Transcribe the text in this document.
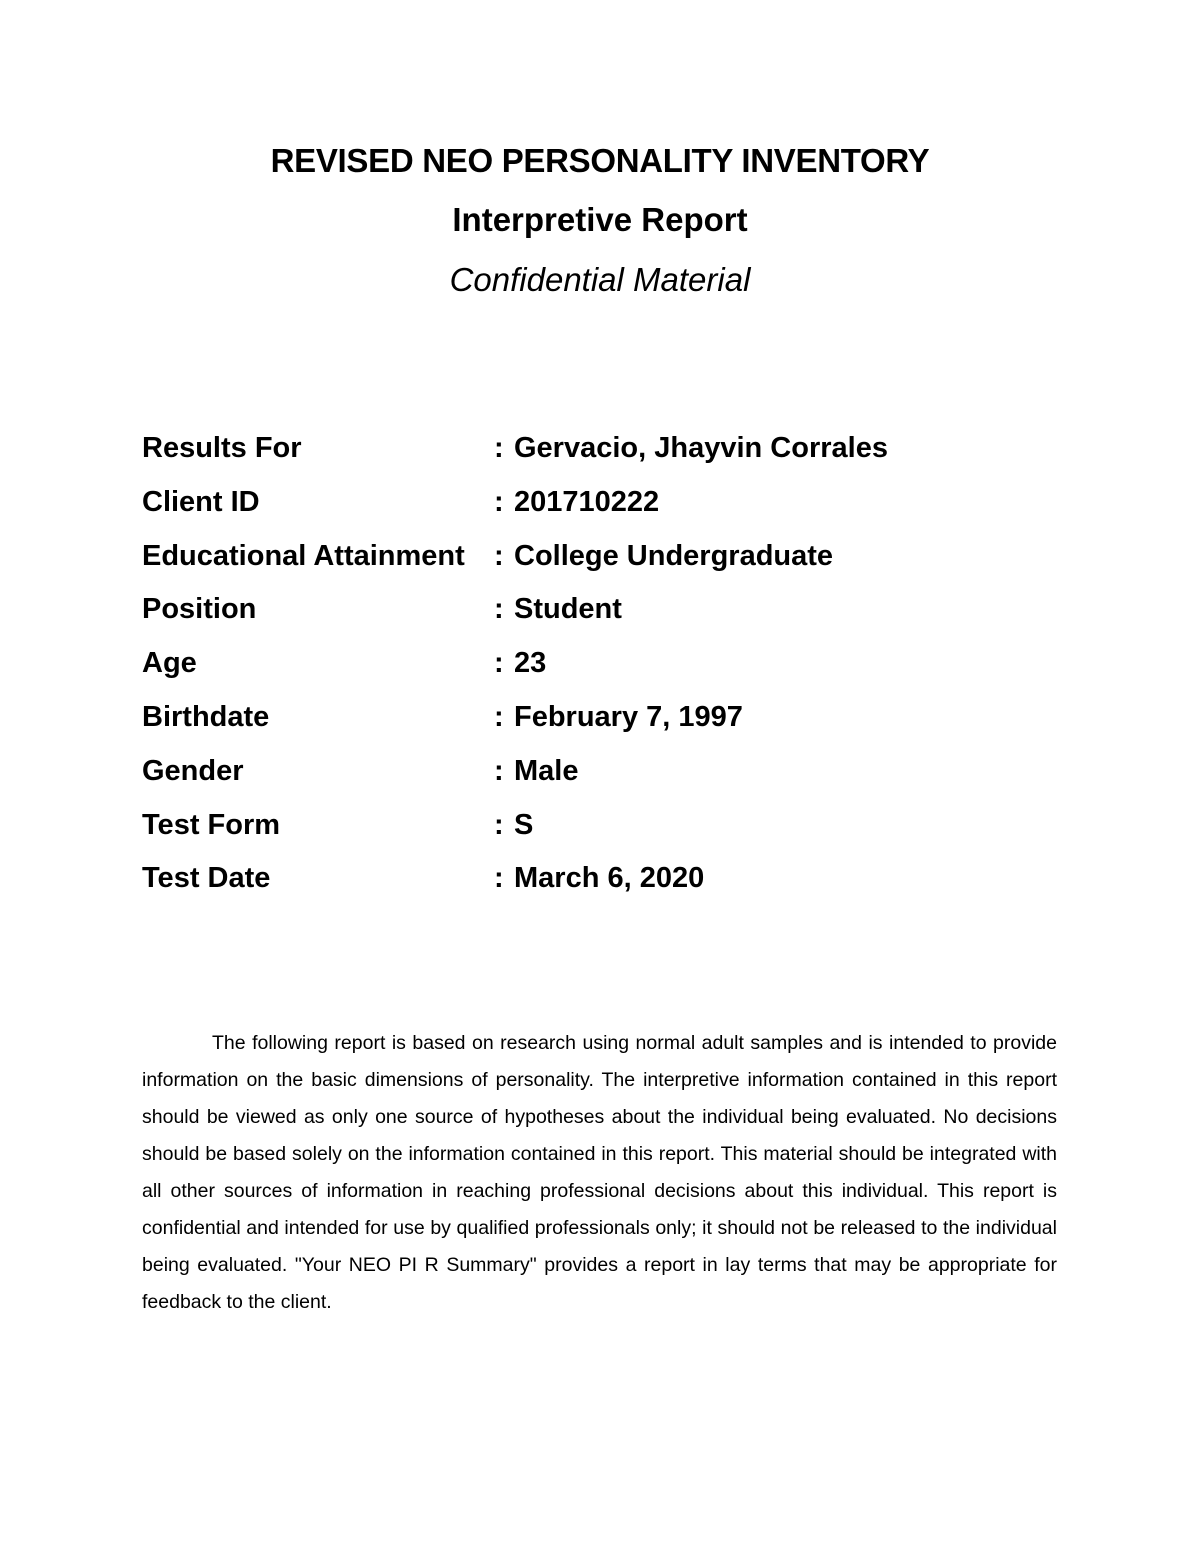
REVISED NEO PERSONALITY INVENTORY
Interpretive Report
Confidential Material
Results For	: Gervacio, Jhayvin Corrales
Client ID	: 201710222
Educational Attainment : College Undergraduate
Position	: Student
Age	: 23
Birthdate	: February 7, 1997
Gender	: Male
Test Form	: S
Test Date	: March 6, 2020

The following report is based on research using normal adult samples and is intended to provide information on the basic dimensions of personality. The interpretive information contained in this report should be viewed as only one source of hypotheses about the individual being evaluated. No decisions should be based solely on the information contained in this report. This material should be integrated with all other sources of information in reaching professional decisions about this individual. This report is confidential and intended for use by qualified professionals only; it should not be released to the individual being evaluated. "Your NEO PI R Summary" provides a report in lay terms that may be appropriate for feedback to the client.
